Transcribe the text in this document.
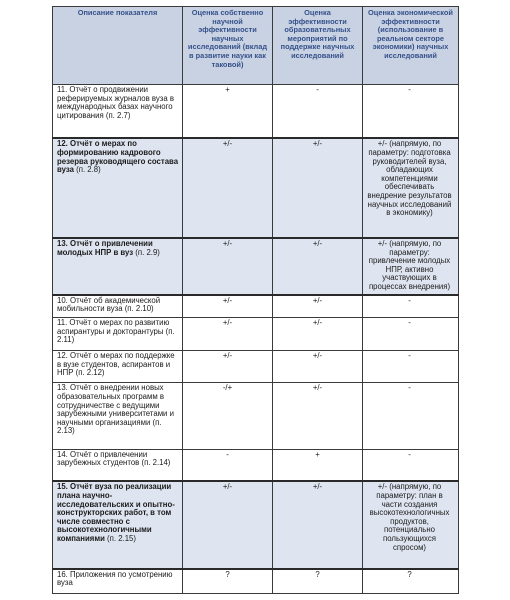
Описание показателя	Оценка собственно научной эффективности научных исследований (вклад в развитие науки как таковой)	Оценка эффективности образовательных мероприятий по поддержке научных исследований	Оценка экономической эффективности (использование в реальном секторе экономики) научных исследований
11. Отчёт о продвижении реферируемых журналов вуза в международных базах научного цитирования (п. 2.7)	+	-	-
12. Отчёт о мерах по формированию кадрового резерва руководящего состава вуза (п. 2.8)	+/-	+/-	+/- (напрямую, по параметру: подготовка руководителей вуза, обладающих компетенциями обеспечивать внедрение результатов научных исследований в экономику)
13. Отчёт о привлечении молодых НПР в вуз (п. 2.9)	+/-	+/-	+/- (напрямую, по параметру: привлечение молодых НПР, активно участвующих в процессах внедрения)
10. Отчёт об академической мобильности вуза (п. 2.10)	+/-	+/-	-
11. Отчёт о мерах по развитию аспирантуры и докторантуры (п. 2.11)	+/-	+/-	-
12. Отчёт о мерах по поддержке в вузе студентов, аспирантов и НПР (п. 2.12)	+/-	+/-	-
13. Отчёт о внедрении новых образовательных программ в сотрудничестве с ведущими зарубежными университетами и научными организациями (п. 2.13)	-/+	+/-	-
14. Отчёт о привлечении зарубежных студентов (п. 2.14)	-	+	-
15. Отчёт вуза по реализации плана научно-исследовательских и опытно-конструкторских работ, в том числе совместно с высокотехнологичными компаниями (п. 2.15)	+/-	+/-	+/- (напрямую, по параметру: план в части создания высокотехнологичных продуктов, потенциально пользующихся спросом)
16. Приложения по усмотрению вуза	?	?	?
